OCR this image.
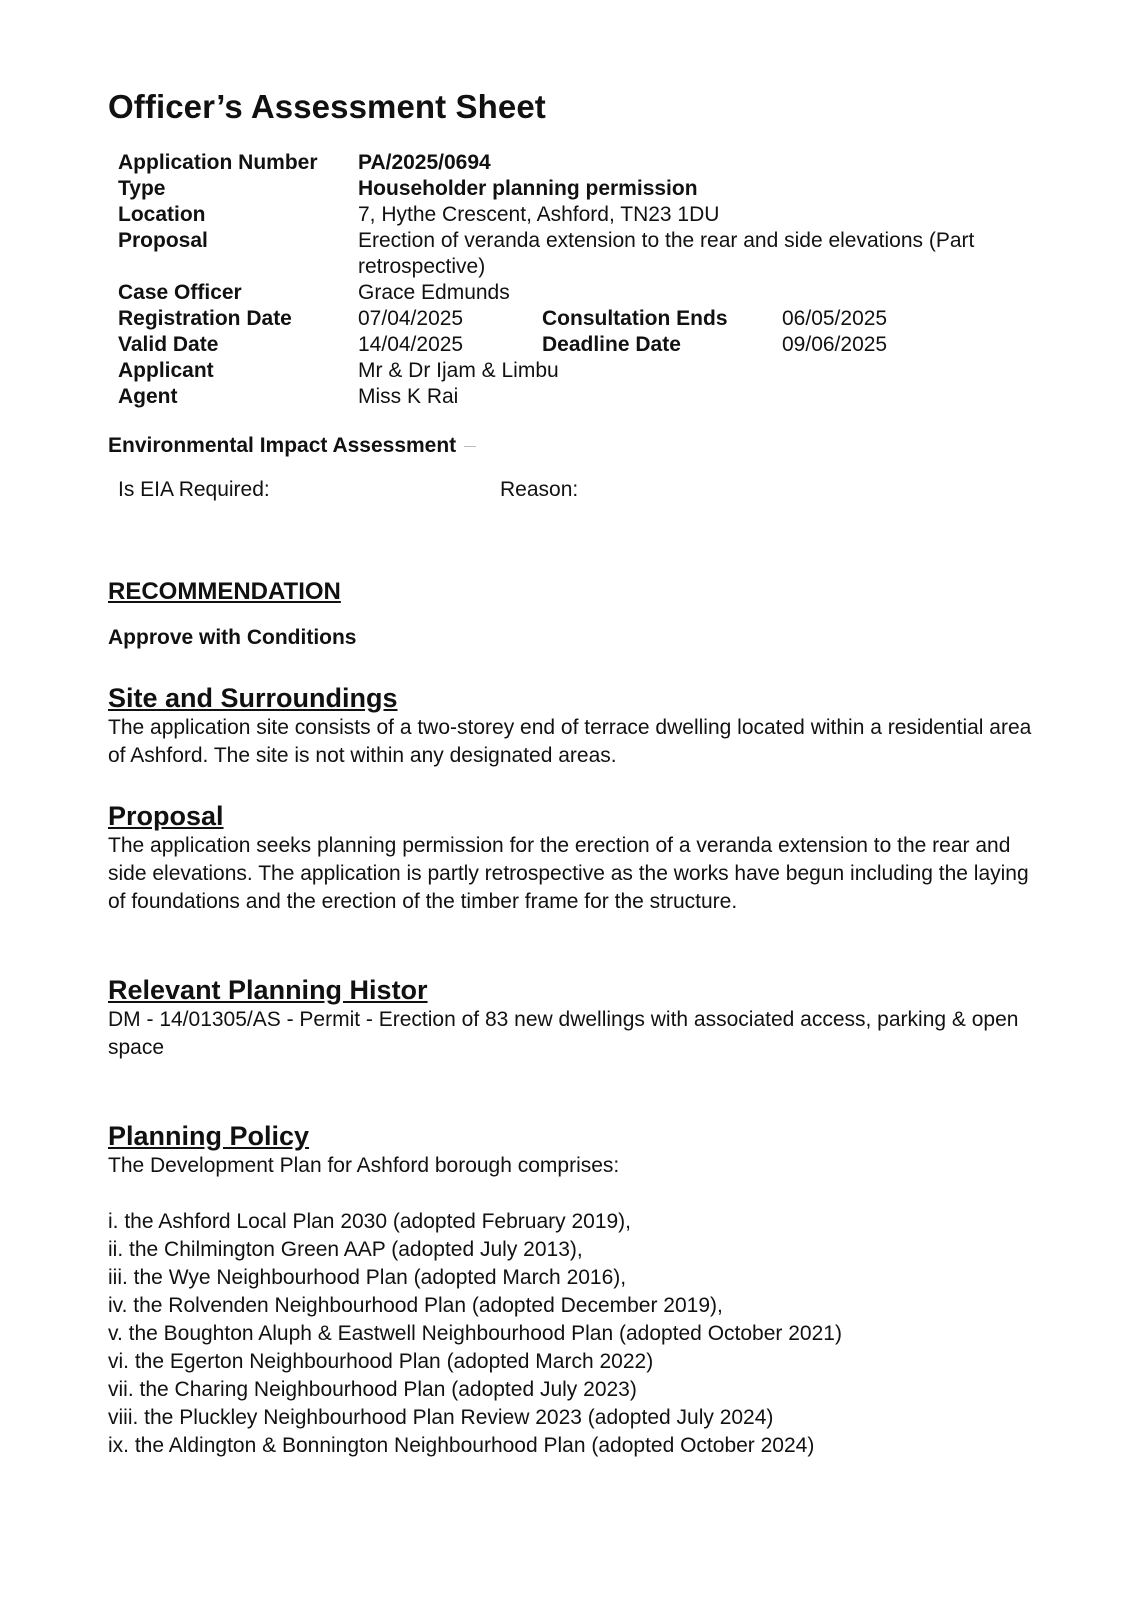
Officer’s Assessment Sheet
Application Number PA/2025/0694
Type	Householder planning permission
Location	7, Hythe Crescent, Ashford, TN23 1DU
Proposal	Erection of veranda extension to the rear and side elevations (Part retrospective)
Case Officer	Grace Edmunds
Registration Date	07/04/2025	Consultation Ends	06/05/2025
Valid Date	14/04/2025	Deadline Date	09/06/2025
Applicant	Mr & Dr Ijam & Limbu
Agent	Miss K Rai
Environmental Impact Assessment
Is EIA Required:	Reason:
RECOMMENDATION
Approve with Conditions
Site and Surroundings

The application site consists of a two-storey end of terrace dwelling located within a residential area of Ashford. The site is not within any designated areas.

Proposal

The application seeks planning permission for the erection of a veranda extension to the rear and side elevations. The application is partly retrospective as the works have begun including the laying of foundations and the erection of the timber frame for the structure.

Relevant Planning Histor

DM - 14/01305/AS - Permit - Erection of 83 new dwellings with associated access, parking & open space

Planning Policy

The Development Plan for Ashford borough comprises:

i. the Ashford Local Plan 2030 (adopted February 2019),
ii. the Chilmington Green AAP (adopted July 2013),
iii. the Wye Neighbourhood Plan (adopted March 2016),
iv. the Rolvenden Neighbourhood Plan (adopted December 2019),
v. the Boughton Aluph & Eastwell Neighbourhood Plan (adopted October 2021)
vi. the Egerton Neighbourhood Plan (adopted March 2022)
vii. the Charing Neighbourhood Plan (adopted July 2023)
viii. the Pluckley Neighbourhood Plan Review 2023 (adopted July 2024)
ix. the Aldington & Bonnington Neighbourhood Plan (adopted October 2024)
